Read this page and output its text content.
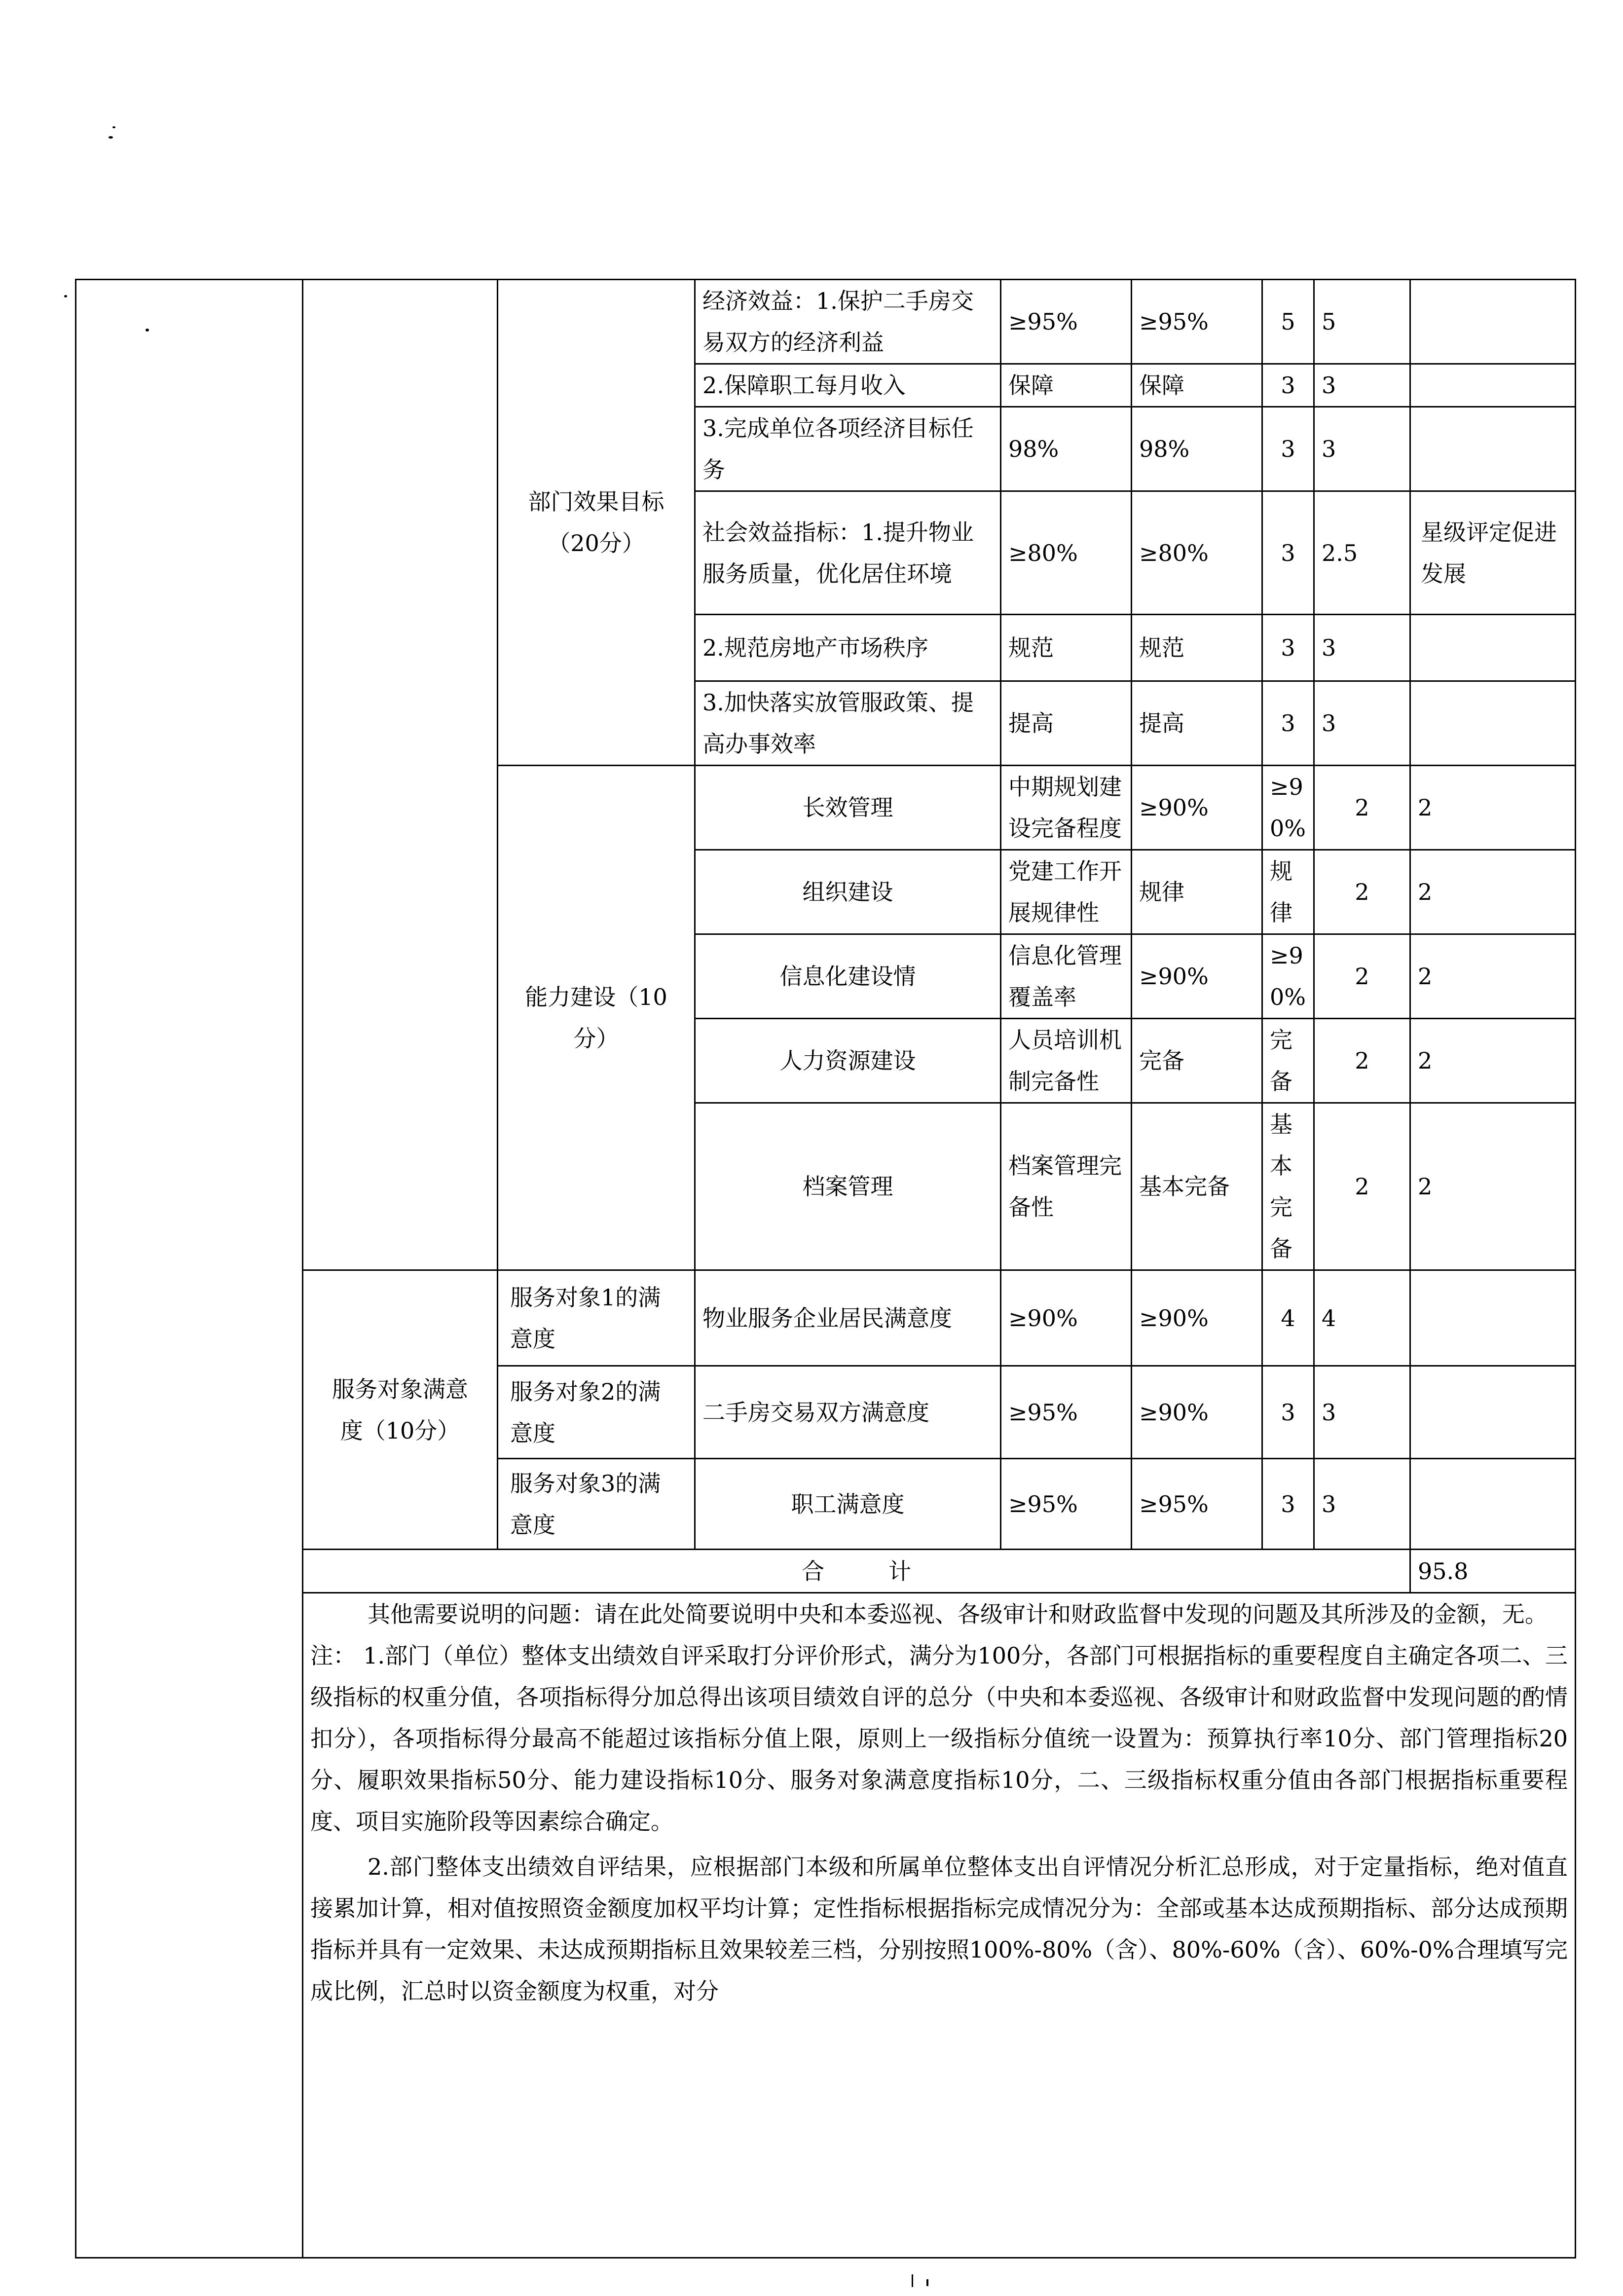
		部门效果目标（20分）	经济效益：1.保护二手房交易双方的经济利益	≥95%	≥95%	5	5		
			2.保障职工每月收入	保障	保障	3	3		
			3.完成单位各项经济目标任务	98%	98%	3	3		
			社会效益指标：1.提升物业服务质量，优化居住环境	≥80%	≥80%	3	2.5	星级评定促进发展	
			2.规范房地产市场秩序	规范	规范	3	3		
			3.加快落实放管服政策、提高办事效率	提高	提高	3	3		
		能力建设（10分）	长效管理	中期规划建设完备程度	≥90%	≥90%	2	2	
			组织建设	党建工作开展规律性	规律	规律	2	2	
			信息化建设情	信息化管理覆盖率	≥90%	≥90%	2	2	
			人力资源建设	人员培训机制完备性	完备	完备	2	2	
			档案管理	档案管理完备性	基本完备	基本完备	2	2	
	服务对象满意度（10分）	服务对象1的满意度	物业服务企业居民满意度	≥90%	≥90%	4	4		
		服务对象2的满意度	二手房交易双方满意度	≥95%	≥90%	3	3		
		服务对象3的满意度	职工满意度	≥95%	≥95%	3	3		
	合 计							95.8	

	其他需要说明的问题：请在此处简要说明中央和本委巡视、各级审计和财政监督中发现的问题及其所涉及的金额，无。

注： 1.部门（单位）整体支出绩效自评采取打分评价形式，满分为100分，各部门可根据指标的重要程度自主确定各项二、三级指标的权重分值，各项指标得分加总得出该项目绩效自评的总分（中央和本委巡视、各级审计和财政监督中发现问题的酌情扣分），各项指标得分最高不能超过该指标分值上限，原则上一级指标分值统一设置为：预算执行率10分、部门管理指标20分、履职效果指标50分、能力建设指标10分、服务对象满意度指标10分，二、三级指标权重分值由各部门根据指标重要程度、项目实施阶段等因素综合确定。

2.部门整体支出绩效自评结果，应根据部门本级和所属单位整体支出自评情况分析汇总形成，对于定量指标，绝对值直接累加计算，相对值按照资金额度加权平均计算；定性指标根据指标完成情况分为：全部或基本达成预期指标、部分达成预期指标并具有一定效果、未达成预期指标且效果较差三档，分别按照100%-80%（含）、80%-60%（含）、60%-0%合理填写完成比例，汇总时以资金额度为权重，对分								
